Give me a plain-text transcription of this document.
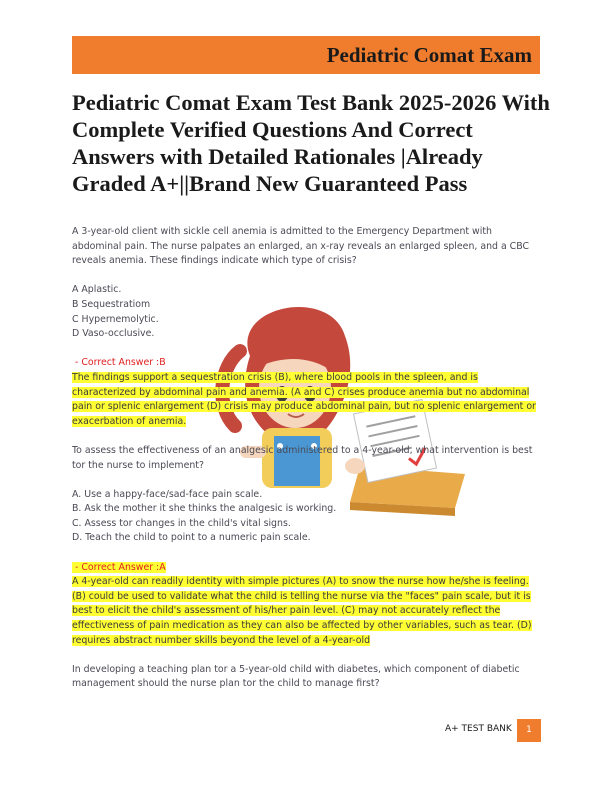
Pediatric Comat Exam
Pediatric Comat Exam Test Bank 2025-2026 With Complete Verified Questions And Correct Answers with Detailed Rationales |Already Graded A+||Brand New Guaranteed Pass

A 3-year-old client with sickle cell anemia is admitted to the Emergency Department with abdominal pain. The nurse palpates an enlarged, an x-ray reveals an enlarged spleen, and a CBC reveals anemia. These findings indicate which type of crisis?

A Aplastic.

B Sequestratiom

C Hypernemolytic.

D Vaso-occlusive.

- Correct Answer :B

The findings support a sequestration crisis (B), where blood pools in the spleen, and is characterized by abdominal pain and anemia. (A and C) crises produce anemia but no abdominal pain or splenic enlargement (D) crisis may produce abdominal pain, but no splenic enlargement or exacerbation of anemia.

To assess the effectiveness of an analgesic administered to a 4-year-old, what intervention is best tor the nurse to implement?

A. Use a happy-face/sad-face pain scale.

B. Ask the mother it she thinks the analgesic is working.

C. Assess tor changes in the child's vital signs.

D. Teach the child to point to a numeric pain scale.

- Correct Answer :A

A 4-year-old can readily identity with simple pictures (A) to snow the nurse how he/she is feeling. (B) could be used to validate what the child is telling the nurse via the "faces" pain scale, but it is best to elicit the child's assessment of his/her pain level. (C) may not accurately reflect the effectiveness of pain medication as they can also be affected by other variables, such as tear. (D) requires abstract number skills beyond the level of a 4-year-old

In developing a teaching plan tor a 5-year-old child with diabetes, which component of diabetic management should the nurse plan tor the child to manage first?

A+ TEST BANK	1
